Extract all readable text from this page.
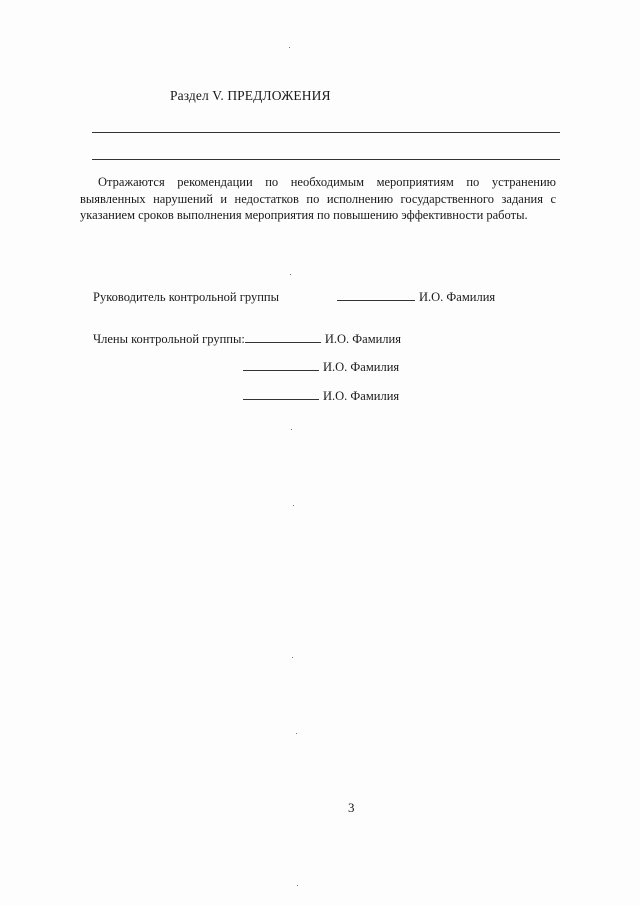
Раздел V. ПРЕДЛОЖЕНИЯ
Отражаются рекомендации по необходимым мероприятиям по устранению выявленных нарушений и недостатков по исполнению государственного задания с указанием сроков выполнения мероприятия по повышению эффективности работы.
Руководитель контрольной группы	И.О. Фамилия
Члены контрольной группы:	И.О. Фамилия
И.О. Фамилия
И.О. Фамилия
3
